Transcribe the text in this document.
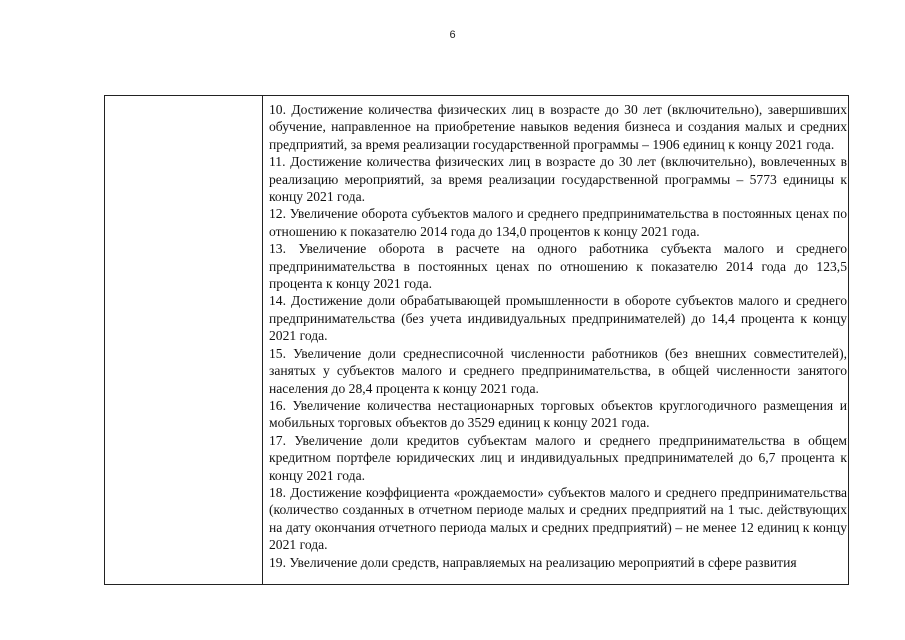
6

10. Достижение количества физических лиц в возрасте до 30 лет (включительно), завершивших обучение, направленное на приобретение навыков ведения бизнеса и создания малых и средних предприятий, за время реализации государственной программы – 1906 единиц к концу 2021 года.

11. Достижение количества физических лиц в возрасте до 30 лет (включительно), вовлеченных в реализацию мероприятий, за время реализации государственной программы – 5773 единицы к концу 2021 года.

12. Увеличение оборота субъектов малого и среднего предпринимательства в постоянных ценах по отношению к показателю 2014 года до 134,0 процентов к концу 2021 года.

13. Увеличение оборота в расчете на одного работника субъекта малого и среднего предпринимательства в постоянных ценах по отношению к показателю 2014 года до 123,5 процента к концу 2021 года.

14. Достижение доли обрабатывающей промышленности в обороте субъектов малого и среднего предпринимательства (без учета индивидуальных предпринимателей) до 14,4 процента к концу 2021 года.

15. Увеличение доли среднесписочной численности работников (без внешних совместителей), занятых у субъектов малого и среднего предпринимательства, в общей численности занятого населения до 28,4 процента к концу 2021 года.

16. Увеличение количества нестационарных торговых объектов круглогодичного размещения и мобильных торговых объектов до 3529 единиц к концу 2021 года.

17. Увеличение доли кредитов субъектам малого и среднего предпринимательства в общем кредитном портфеле юридических лиц и индивидуальных предпринимателей до 6,7 процента к концу 2021 года.

18. Достижение коэффициента «рождаемости» субъектов малого и среднего предпринимательства (количество созданных в отчетном периоде малых и средних предприятий на 1 тыс. действующих на дату окончания отчетного периода малых и средних предприятий) – не менее 12 единиц к концу 2021 года.

19. Увеличение доли средств, направляемых на реализацию мероприятий в сфере развития
